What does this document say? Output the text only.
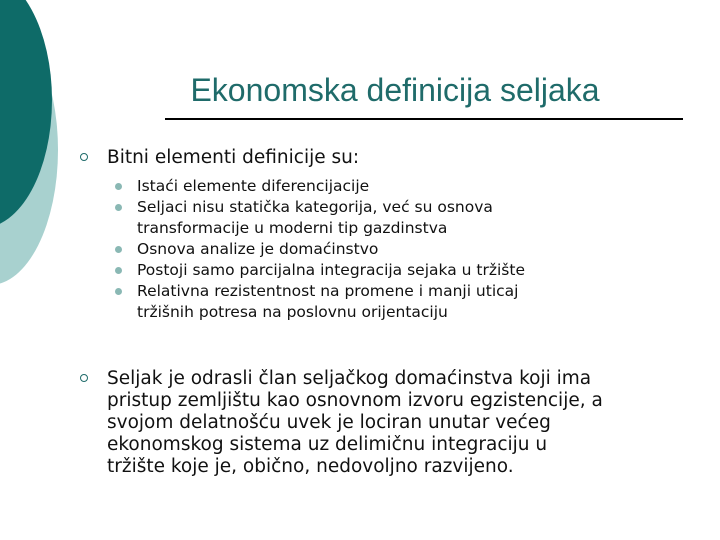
Ekonomska definicija seljaka
Bitni elementi definicije su:
Istaći elemente diferencijacije
Seljaci nisu statička kategorija, već su osnova
transformacije u moderni tip gazdinstva
Osnova analize je domaćinstvo
Postoji samo parcijalna integracija sejaka u tržište
Relativna rezistentnost na promene i manji uticaj
tržišnih potresa na poslovnu orijentaciju
Seljak je odrasli član seljačkog domaćinstva koji ima
pristup zemljištu kao osnovnom izvoru egzistencije, a
svojom delatnošću uvek je lociran unutar većeg
ekonomskog sistema uz delimičnu integraciju u
tržište koje je, obično, nedovoljno razvijeno.
